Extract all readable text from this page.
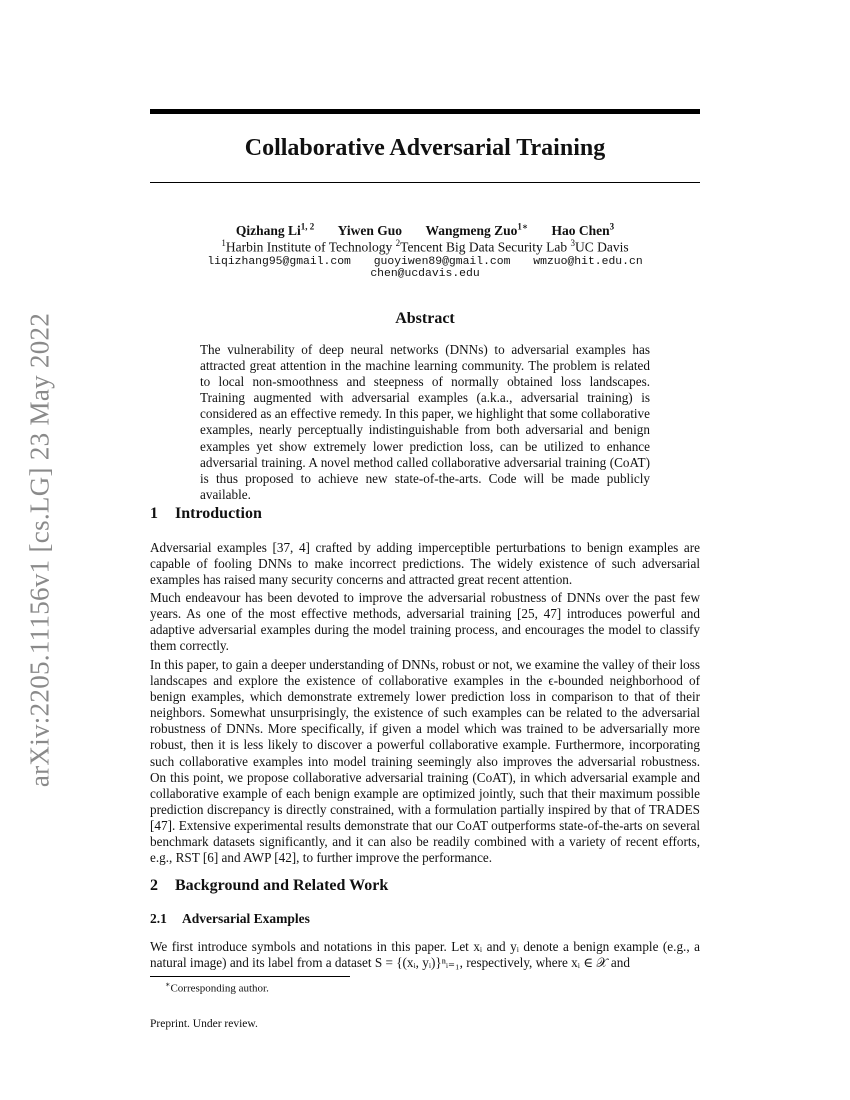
arXiv:2205.11156v1 [cs.LG] 23 May 2022
Collaborative Adversarial Training
Qizhang Li$^{1, 2}$ Yiwen Guo Wangmeng Zuo$^{1∗}$ Hao Chen$^3$
$^1$Harbin Institute of Technology $^2$Tencent Big Data Security Lab $^3$UC Davis
liqizhang95@gmail.com guoyiwen89@gmail.com wmzuo@hit.edu.cn chen@ucdavis.edu
Abstract

The vulnerability of deep neural networks (DNNs) to adversarial examples has attracted great attention in the machine learning community. The problem is related to local non-smoothness and steepness of normally obtained loss landscapes. Training augmented with adversarial examples (a.k.a., adversarial training) is considered as an effective remedy. In this paper, we highlight that some collaborative examples, nearly perceptually indistinguishable from both adversarial and benign examples yet show extremely lower prediction loss, can be utilized to enhance adversarial training. A novel method called collaborative adversarial training (CoAT) is thus proposed to achieve new state-of-the-arts. Code will be made publicly available.

1 Introduction

Adversarial examples [37, 4] crafted by adding imperceptible perturbations to benign examples are capable of fooling DNNs to make incorrect predictions. The widely existence of such adversarial examples has raised many security concerns and attracted great recent attention.

Much endeavour has been devoted to improve the adversarial robustness of DNNs over the past few years. As one of the most effective methods, adversarial training [25, 47] introduces powerful and adaptive adversarial examples during the model training process, and encourages the model to classify them correctly.

In this paper, to gain a deeper understanding of DNNs, robust or not, we examine the valley of their loss landscapes and explore the existence of collaborative examples in the ϵ-bounded neighborhood of benign examples, which demonstrate extremely lower prediction loss in comparison to that of their neighbors. Somewhat unsurprisingly, the existence of such examples can be related to the adversarial robustness of DNNs. More specifically, if given a model which was trained to be adversarially more robust, then it is less likely to discover a powerful collaborative example. Furthermore, incorporating such collaborative examples into model training seemingly also improves the adversarial robustness. On this point, we propose collaborative adversarial training (CoAT), in which adversarial example and collaborative example of each benign example are optimized jointly, such that their maximum possible prediction discrepancy is directly constrained, with a formulation partially inspired by that of TRADES [47]. Extensive experimental results demonstrate that our CoAT outperforms state-of-the-arts on several benchmark datasets significantly, and it can also be readily combined with a variety of recent efforts, e.g., RST [6] and AWP [42], to further improve the performance.

2 Background and Related Work
2.1 Adversarial Examples

We first introduce symbols and notations in this paper. Let xᵢ and yᵢ denote a benign example (e.g., a natural image) and its label from a dataset S = {(xᵢ, yᵢ)}ⁿᵢ₌₁, respectively, where xᵢ ∈ 𝒳 and

∗Corresponding author.
Preprint. Under review.
